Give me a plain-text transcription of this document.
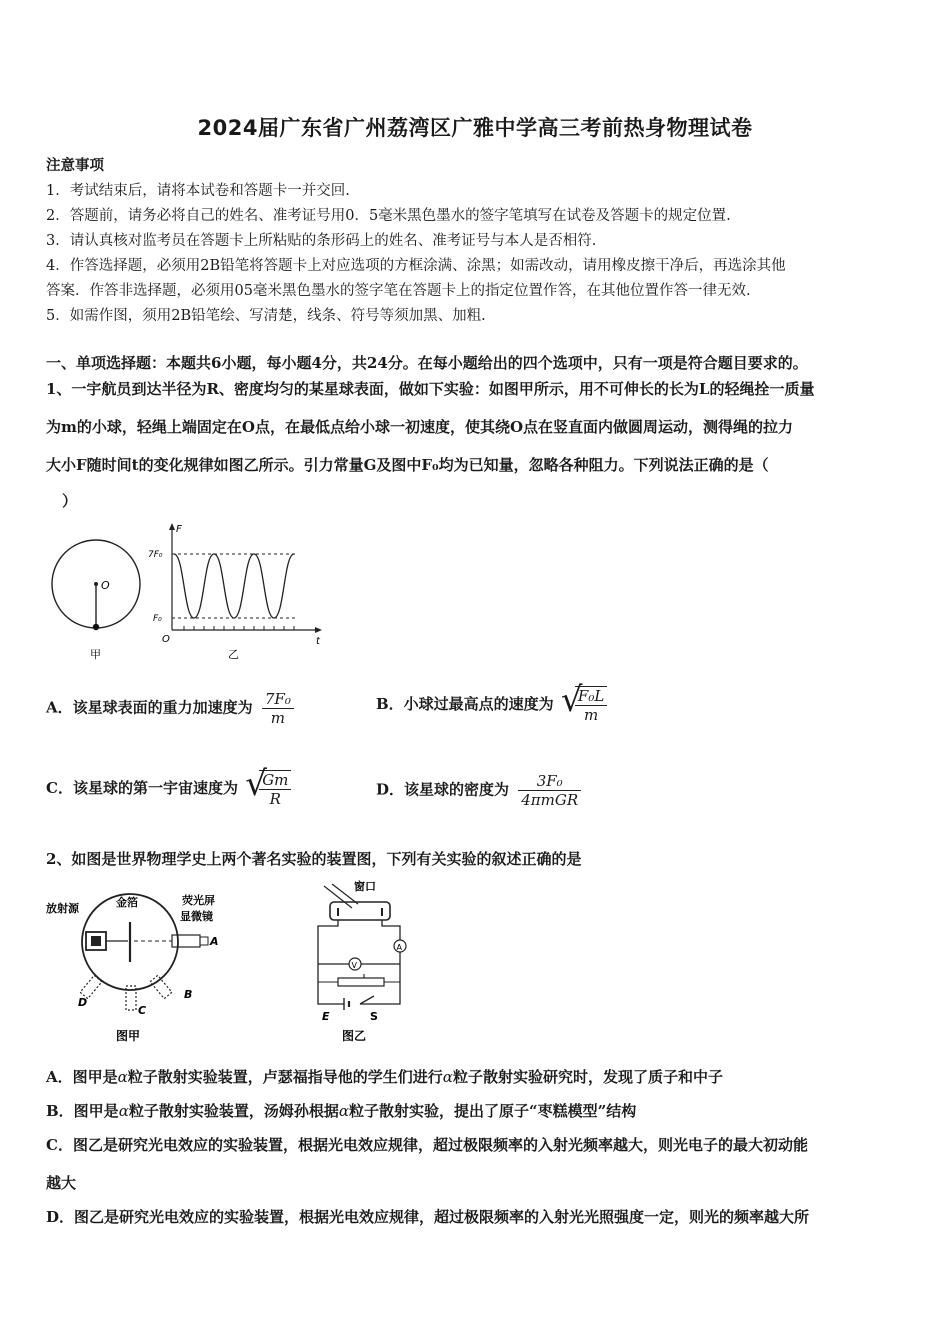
2024届广东省广州荔湾区广雅中学高三考前热身物理试卷
注意事项
1．考试结束后，请将本试卷和答题卡一并交回.
2．答题前，请务必将自己的姓名、准考证号用0．5毫米黑色墨水的签字笔填写在试卷及答题卡的规定位置.
3．请认真核对监考员在答题卡上所粘贴的条形码上的姓名、准考证号与本人是否相符.
4．作答选择题，必须用2B铅笔将答题卡上对应选项的方框涂满、涂黑；如需改动，请用橡皮擦干净后，再选涂其他
答案．作答非选择题，必须用05毫米黑色墨水的签字笔在答题卡上的指定位置作答，在其他位置作答一律无效.
5．如需作图，须用2B铅笔绘、写清楚，线条、符号等须加黑、加粗.
一、单项选择题：本题共6小题，每小题4分，共24分。在每小题给出的四个选项中，只有一项是符合题目要求的。
1、一宇航员到达半径为R、密度均匀的某星球表面，做如下实验：如图甲所示，用不可伸长的长为L的轻绳拴一质量
为m的小球，轻绳上端固定在O点，在最低点给小球一初速度，使其绕O点在竖直面内做圆周运动，测得绳的拉力
大小F随时间t的变化规律如图乙所示。引力常量G及图中F₀均为已知量，忽略各种阻力。下列说法正确的是（
）
O
甲
F
t
O
7F₀
F₀
乙
A．该星球表面的重力加速度为 $\frac{\text{7F₀}}{m}$	B．小球过最高点的速度为 √
$\frac{\text{F₀L}}{m}$
C．该星球的第一宇宙速度为 √
$\frac{Gm}{R}$	D．该星球的密度为 $\frac{\text{3F₀}}{\text{4πmGR}}$
2、如图是世界物理学史上两个著名实验的装置图，下列有关实验的叙述正确的是
放射源	金箔	荧光屏
显微镜
A
B
C
D
图甲
窗口
A
V
E	S
图乙
A．图甲是α粒子散射实验装置，卢瑟福指导他的学生们进行α粒子散射实验研究时，发现了质子和中子
B．图甲是α粒子散射实验装置，汤姆孙根据α粒子散射实验，提出了原子“枣糕模型”结构
C．图乙是研究光电效应的实验装置，根据光电效应规律，超过极限频率的入射光频率越大，则光电子的最大初动能
越大
D．图乙是研究光电效应的实验装置，根据光电效应规律，超过极限频率的入射光光照强度一定，则光的频率越大所
